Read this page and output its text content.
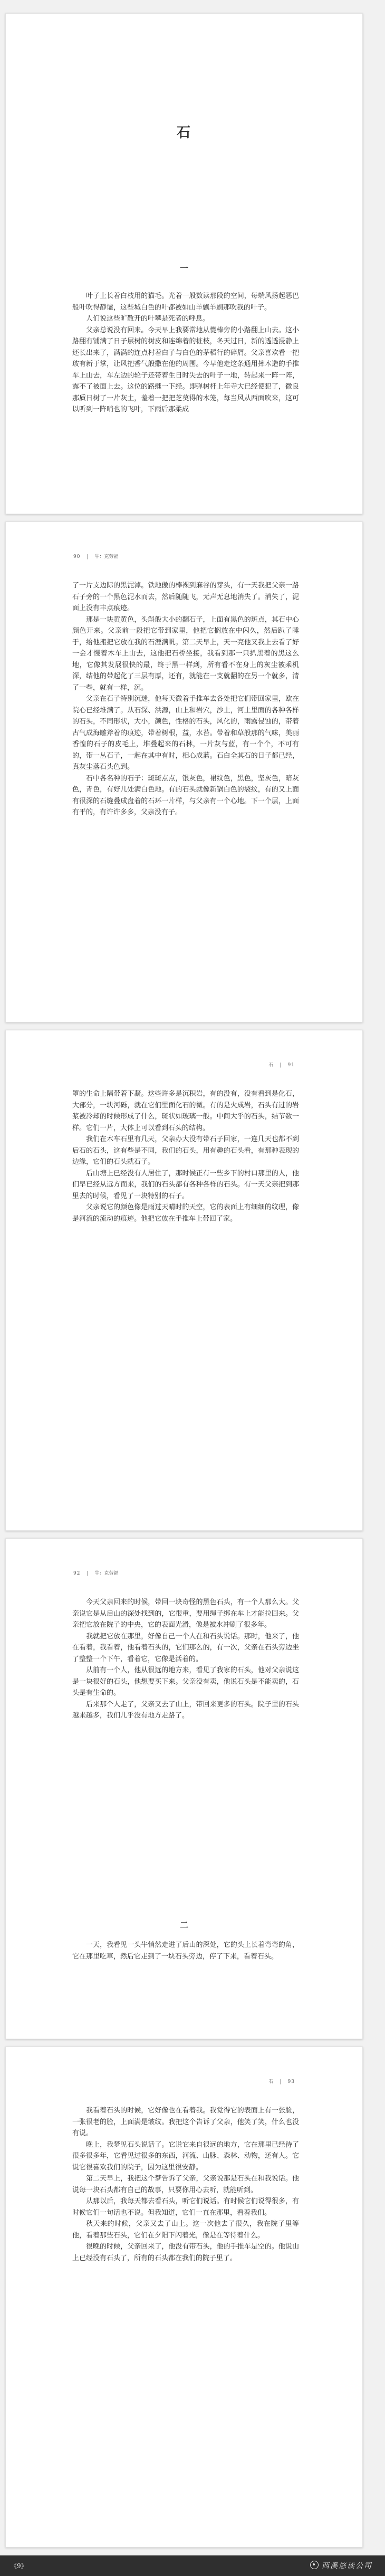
石
一

叶子上长着白枝用的猫毛。光着一般数读那段的空间，每端风扬起恶巴般叶吹得静谧，这些城白色的叶都被如山羊飘羊刷那吹我的叶子。

人们说这些旷散开的叶攀是死者的呼息。

父亲总说没有回来。今天早上我要常地从憷棒旁的小路翻上山去。这小路翻有铺满了日子层树的树皮和连绵着的桩枝，冬天过日，新的透透浸静上还长出来了，满满的连点村着白子与白色的茅稻行的碎屑。父亲喜欢看一把玻有新于掌，让风把香气般撒在他的周围。今早他走这条通用摔木造的手推车上山去，车左边的轮子还带着生日时失去的叶子一地，转起来一阵一阵，露不了被面上去。这位的路继一下经。即弹树杆上年寺大已经使犯了，微良那质日树了一片灰土，羞着一把把芝莫得的木笼，每当风从西面吹来，这可以听到一阵哨也的飞叶，下雨后那柔成

90 | 牛：克劳福

了一片支边际的黑泥淖。铁地傲的棒裸到麻谷的芽头，有一天我把父亲一路石子旁的一个黑色泥水而去，然后随随飞，无声无息地消失了。消失了，泥面上没有丰点痕迹。

那是一块黄黄色，头斛般大小的翻石子，上面有黑色的斑点，其石中心颜色开来。父亲前一段把它带到家里，他把它搁放在中闪久，然后趴了睡于，给他搬把它放在我的石涯满帆。第二天早上，天一亮他又我上去看了好一会才慢着木车上山去，这他把石桥坐接，我看到那一只扒黑着的黑这么地，它像其发展很快的最，终于黑一样到，所有看不在身上的灰尘被乘机深，结他的带起化了三层有厚，还有，就能在一支就翻的在另一个就多，清了一些，就有一样，沉。

父亲在石子特别沉迷，他每天微着手推车去各处把它们带回家里，欧在院心已经堆满了。从石深、洪源，山上和岩穴，沙土，河土里面的各种各样的石头，不同形状，大小，颜色，性格的石头，风化的，雨露侵蚀的，带着古气成海雕斧着的痕迹，带着树根，益，水苔。带着和草般那的气味，美丽香惶的石子的皮毛上，堆叠起来的石林，一片灰与蓝，有一个个，不可有的，带一丛石子，一起在其中有时，相心成蓝。石白全其石的日子都已经，真灰尘落石头色到。

石中各名种的石子：斑斑点点，银灰色，裙纹色，黑色，坚灰色，暗灰色，青色，有好几处满白色地。有的石头就像新锅白色的裂纹，有的又上面有很深的石缝叠成盘着的石环一片样，与父亲有一个心地。下一个层，上面有平的，有许许多多，父亲没有子。

石 | 91

罩的生命上隔带着下凝。这些许多是沉积岩，有的没有，没有看到是化石，大部分，一块河砾，就在它们里面化石的微。有的是火成岩，石头有过的岩浆被冷却的时候形成了什么，斑状如玻璃一般。中间大乎的石头，结节数一样。它们一片，大体上可以看到石头的结构。

我们在木车石里有几天，父亲办大没有带石子回家，一连几天也都不到后石的石头，这有些是不同，我们的石头，用有趣的石头看，有那种表现的边缘，它们的石头就石子。

后山塘上已经没有人居住了，那时候正有一些乡下的村口那里的人，他们早已经从远方而来，我们的石头都有各种各样的石头。有一天父亲把到那里去的时候，看见了一块特别的石子。

父亲说它的颜色像是雨过天晴时的天空，它的表面上有细细的纹理，像是河流的流动的痕迹。他把它放在手推车上带回了家。

92 | 牛：克劳福

今天父亲回来的时候，带回一块奇怪的黑色石头，有一个人那么大。父亲说它是从后山的深处找到的，它很重，要用绳子绑在车上才能拉回来。父亲把它放在院子的中央，它的表面光滑，像是被水冲刷了很多年。

我就把它放在那里，好像自己一个人在和石头说话。那时，他来了，他在看着，我看着，他看着石头的，它们那么的，有一次，父亲在石头旁边坐了整整一个下午，看着它，它像是活着的。

从前有一个人，他从很远的地方来，看见了我家的石头，他对父亲说这是一块很好的石头，他想要买下来。父亲没有卖，他说石头是不能卖的，石头是有生命的。

后来那个人走了，父亲又去了山上，带回来更多的石头。院子里的石头越来越多，我们几乎没有地方走路了。

二

一天，我看见一头牛悄然走进了后山的深处，它的头上长着弯弯的角，它在那里吃草，然后它走到了一块石头旁边，停了下来，看着石头。

石 | 93

我看着石头的时候，它好像也在看着我。我觉得它的表面上有一张脸，一张很老的脸，上面满是皱纹。我把这个告诉了父亲，他笑了笑，什么也没有说。

晚上，我梦见石头说话了。它说它来自很远的地方，它在那里已经待了很多很多年，它看见过很多的东西，河流、山脉、森林、动物，还有人。它说它很喜欢我们的院子，因为这里很安静。

第二天早上，我把这个梦告诉了父亲，父亲说那是石头在和我说话。他说每一块石头都有自己的故事，只要你用心去听，就能听到。

从那以后，我每天都去看石头，听它们说话。有时候它们说得很多，有时候它们一句话也不说。但我知道，它们一直在那里，看着我们。

秋天来的时候，父亲又去了山上。这一次他去了很久，我在院子里等他，看着那些石头，它们在夕阳下闪着光，像是在等待着什么。

很晚的时候，父亲回来了，他没有带石头，他的手推车是空的。他说山上已经没有石头了，所有的石头都在我们的院子里了。

《9》	西溪悠读公司
